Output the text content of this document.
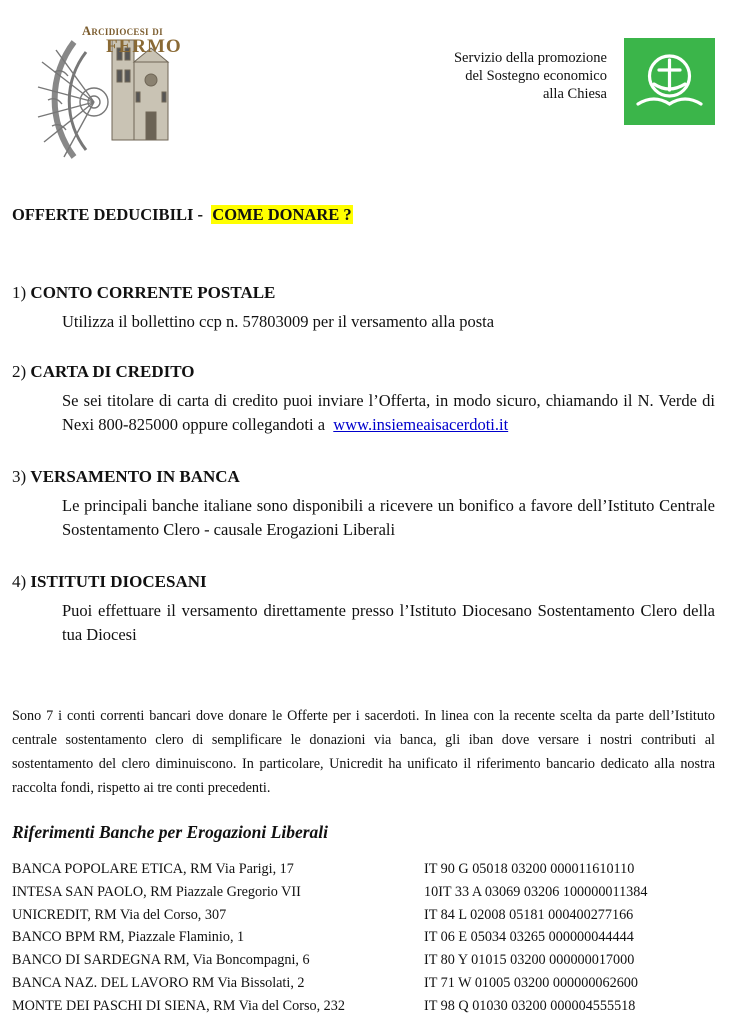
Arcidiocesi di
FERMO
Servizio della promozione
del Sostegno economico
alla Chiesa
OFFERTE DEDUCIBILI -  COME DONARE ?
1) CONTO CORRENTE POSTALE
Utilizza il bollettino ccp n. 57803009 per il versamento alla posta
2) CARTA DI CREDITO
Se sei titolare di carta di credito puoi inviare l’Offerta, in modo sicuro, chiamando il N. Verde di Nexi 800-825000 oppure collegandoti a www.insiemeaisacerdoti.it
3) VERSAMENTO IN BANCA
Le principali banche italiane sono disponibili a ricevere un bonifico a favore dell’Istituto Centrale Sostentamento Clero - causale Erogazioni Liberali
4) ISTITUTI DIOCESANI
Puoi effettuare il versamento direttamente presso l’Istituto Diocesano Sostentamento Clero della tua Diocesi
Sono 7 i conti correnti bancari dove donare le Offerte per i sacerdoti. In linea con la recente scelta da parte dell’Istituto centrale sostentamento clero di semplificare le donazioni via banca, gli iban dove versare i nostri contributi al sostentamento del clero diminuiscono. In particolare, Unicredit ha unificato il riferimento bancario dedicato alla nostra raccolta fondi, rispetto ai tre conti precedenti.
Riferimenti Banche per Erogazioni Liberali
BANCA POPOLARE ETICA, RM Via Parigi, 17	IT 90 G 05018 03200 000011610110
INTESA SAN PAOLO, RM Piazzale Gregorio VII	10IT 33 A 03069 03206 100000011384
UNICREDIT, RM Via del Corso, 307	IT 84 L 02008 05181 000400277166
BANCO BPM RM, Piazzale Flaminio, 1	IT 06 E 05034 03265 000000044444
BANCO DI SARDEGNA RM, Via Boncompagni, 6	IT 80 Y 01015 03200 000000017000
BANCA NAZ. DEL LAVORO RM Via Bissolati, 2	IT 71 W 01005 03200 000000062600
MONTE DEI PASCHI DI SIENA, RM Via del Corso, 232	IT 98 Q 01030 03200 000004555518
